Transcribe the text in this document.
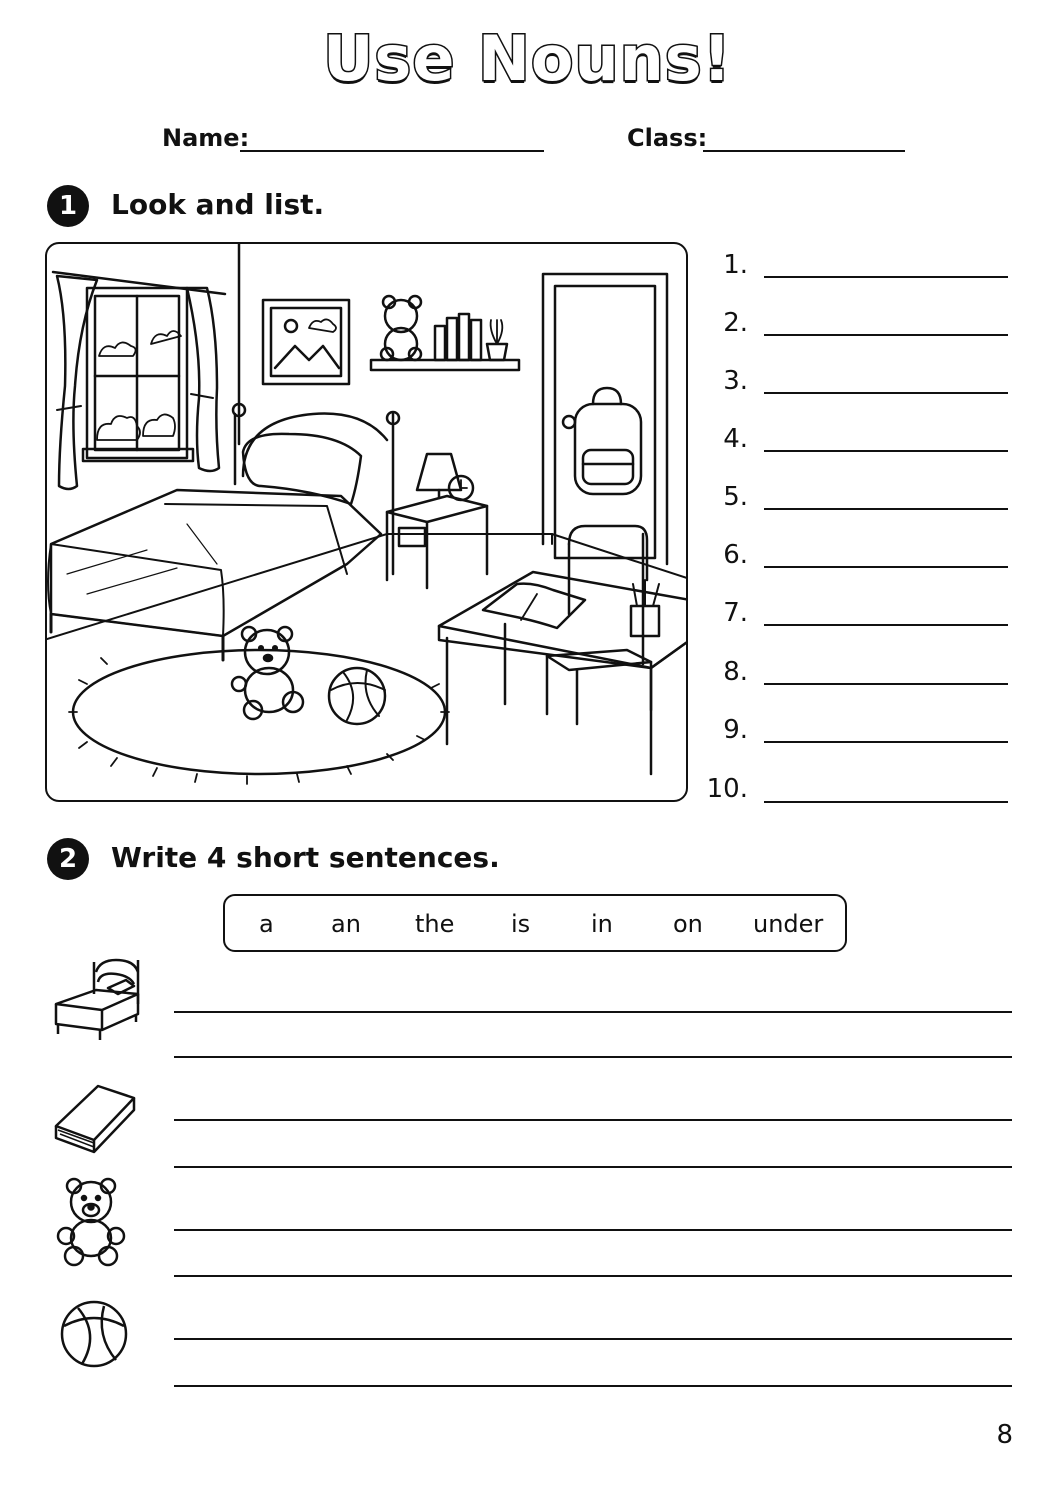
Use Nouns!
Name:	Class:
1	Look and list.
1.
2.
3.
4.
5.
6.
7.
8.
9.
10.
2	Write 4 short sentences.
a an the is	in	on under
8
